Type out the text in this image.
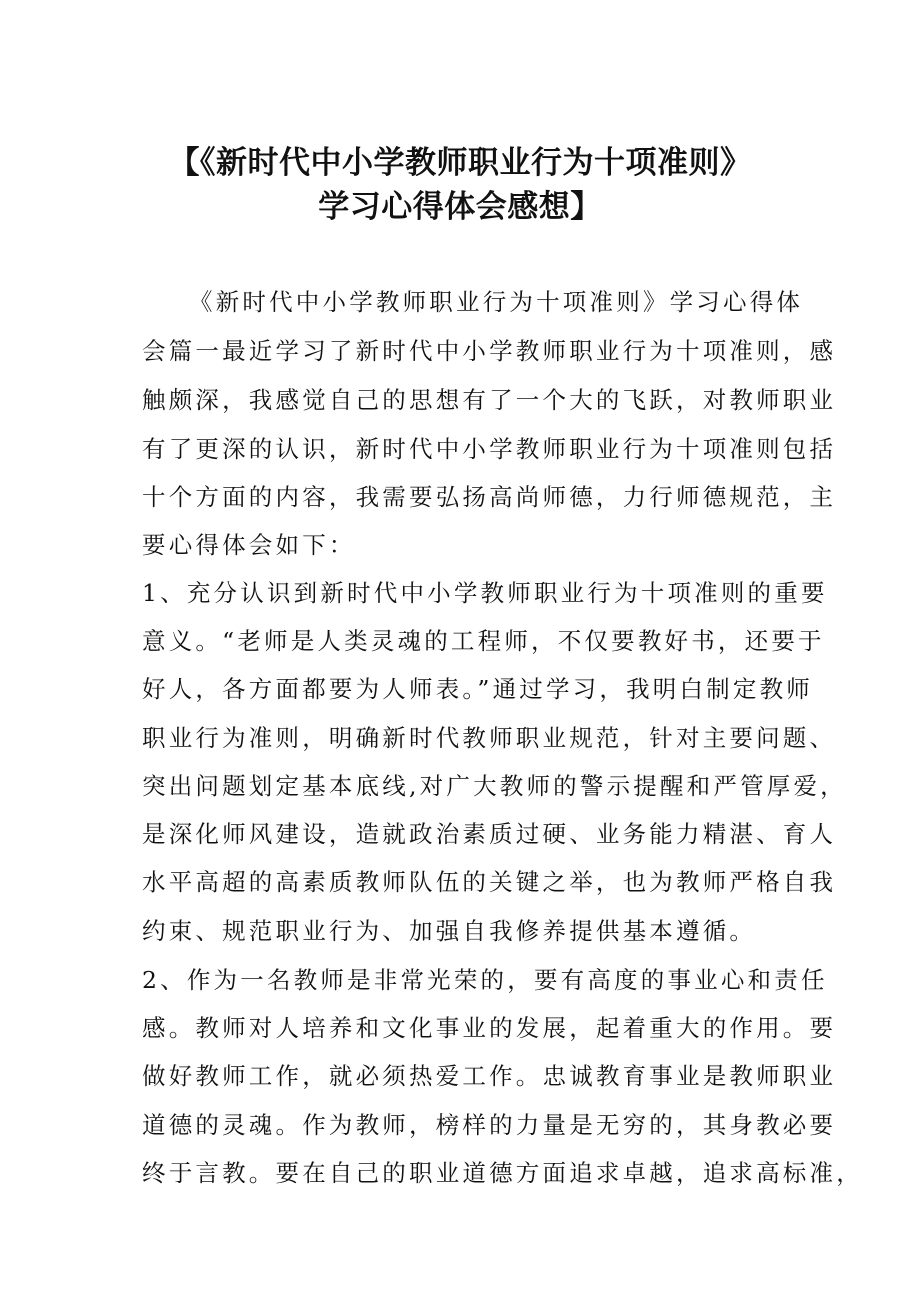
【《新时代中小学教师职业行为十项准则》
学习心得体会感想】
《新时代中小学教师职业行为十项准则》学习心得体
会篇一最近学习了新时代中小学教师职业行为十项准则，感
触颇深，我感觉自己的思想有了一个大的飞跃，对教师职业
有了更深的认识，新时代中小学教师职业行为十项准则包括
十个方面的内容，我需要弘扬高尚师德，力行师德规范，主
要心得体会如下：
1、充分认识到新时代中小学教师职业行为十项准则的重要
意义。“老师是人类灵魂的工程师，不仅要教好书，还要于
好人，各方面都要为人师表。”通过学习，我明白制定教师
职业行为准则，明确新时代教师职业规范，针对主要问题、
突出问题划定基本底线,对广大教师的警示提醒和严管厚爱，
是深化师风建设，造就政治素质过硬、业务能力精湛、育人
水平高超的高素质教师队伍的关键之举，也为教师严格自我
约束、规范职业行为、加强自我修养提供基本遵循。
2、作为一名教师是非常光荣的，要有高度的事业心和责任
感。教师对人培养和文化事业的发展，起着重大的作用。要
做好教师工作，就必须热爱工作。忠诚教育事业是教师职业
道德的灵魂。作为教师，榜样的力量是无穷的，其身教必要
终于言教。要在自己的职业道德方面追求卓越，追求高标准，
